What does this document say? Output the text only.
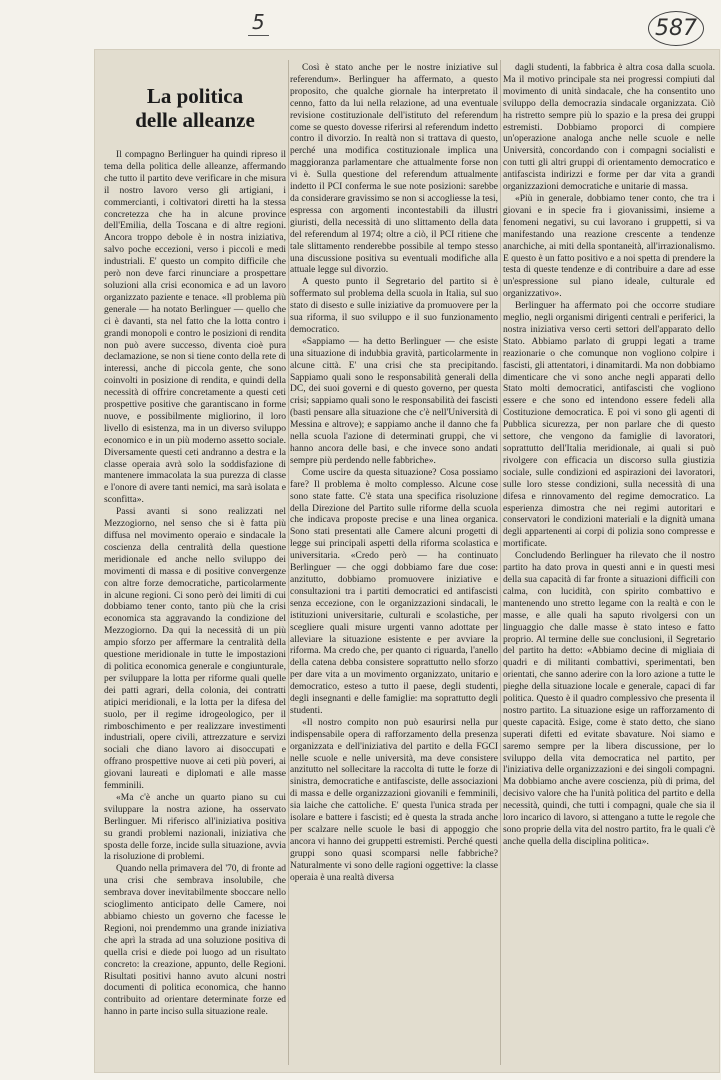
5	587
La politica
delle alleanze

Il compagno Berlinguer ha quindi ripreso il tema della politica delle alleanze, affermando che tutto il partito deve verificare in che misura il nostro lavoro verso gli artigiani, i commercianti, i coltivatori diretti ha la stessa concretezza che ha in alcune province dell'Emilia, della Toscana e di altre regioni. Ancora troppo debole è in nostra iniziativa, salvo poche eccezioni, verso i piccoli e medi industriali. E' questo un compito difficile che però non deve farci rinunciare a prospettare soluzioni alla crisi economica e ad un lavoro organizzato paziente e tenace. «Il problema più generale — ha notato Berlinguer — quello che ci è davanti, sta nel fatto che la lotta contro i grandi monopoli e contro le posizioni di rendita non può avere successo, diventa cioè pura declamazione, se non si tiene conto della rete di interessi, anche di piccola gente, che sono coinvolti in posizione di rendita, e quindi della necessità di offrire concretamente a questi ceti prospettive positive che garantiscano in forme nuove, e possibilmente migliorino, il loro livello di esistenza, ma in un diverso sviluppo economico e in un più moderno assetto sociale. Diversamente questi ceti andranno a destra e la classe operaia avrà solo la soddisfazione di mantenere immacolata la sua purezza di classe e l'onore di avere tanti nemici, ma sarà isolata e sconfitta».

Passi avanti si sono realizzati nel Mezzogiorno, nel senso che si è fatta più diffusa nel movimento operaio e sindacale la coscienza della centralità della questione meridionale ed anche nello sviluppo dei movimenti di massa e di positive convergenze con altre forze democratiche, particolarmente in alcune regioni. Ci sono però dei limiti di cui dobbiamo tener conto, tanto più che la crisi economica sta aggravando la condizione del Mezzogiorno. Da qui la necessità di un più ampio sforzo per affermare la centralità della questione meridionale in tutte le impostazioni di politica economica generale e congiunturale, per sviluppare la lotta per riforme quali quelle dei patti agrari, della colonia, dei contratti atipici meridionali, e la lotta per la difesa del suolo, per il regime idrogeologico, per il rimboschimento e per realizzare investimenti industriali, opere civili, attrezzature e servizi sociali che diano lavoro ai disoccupati e offrano prospettive nuove ai ceti più poveri, ai giovani laureati e diplomati e alle masse femminili.

«Ma c'è anche un quarto piano su cui sviluppare la nostra azione, ha osservato Berlinguer. Mi riferisco all'iniziativa positiva su grandi problemi nazionali, iniziativa che sposta delle forze, incide sulla situazione, avvia la risoluzione di problemi.

Quando nella primavera del '70, di fronte ad una crisi che sembrava insolubile, che sembrava dover inevitabilmente sboccare nello scioglimento anticipato delle Camere, noi abbiamo chiesto un governo che facesse le Regioni, noi prendemmo una grande iniziativa che aprì la strada ad una soluzione positiva di quella crisi e diede poi luogo ad un risultato concreto: la creazione, appunto, delle Regioni. Risultati positivi hanno avuto alcuni nostri documenti di politica economica, che hanno contribuito ad orientare determinate forze ed hanno in parte inciso sulla situazione reale.

Così è stato anche per le nostre iniziative sul referendum». Berlinguer ha affermato, a questo proposito, che qualche giornale ha interpretato il cenno, fatto da lui nella relazione, ad una eventuale revisione costituzionale dell'istituto del referendum come se questo dovesse riferirsi al referendum indetto contro il divorzio. In realtà non si trattava di questo, perché una modifica costituzionale implica una maggioranza parlamentare che attualmente forse non vi è. Sulla questione del referendum attualmente indetto il PCI conferma le sue note posizioni: sarebbe da considerare gravissimo se non si accogliesse la tesi, espressa con argomenti incontestabili da illustri giuristi, della necessità di uno slittamento della data del referendum al 1974; oltre a ciò, il PCI ritiene che tale slittamento renderebbe possibile al tempo stesso una discussione positiva su eventuali modifiche alla attuale legge sul divorzio.

A questo punto il Segretario del partito si è soffermato sul problema della scuola in Italia, sul suo stato di disesto e sulle iniziative da promuovere per la sua riforma, il suo sviluppo e il suo funzionamento democratico.

«Sappiamo — ha detto Berlinguer — che esiste una situazione di indubbia gravità, particolarmente in alcune città. E' una crisi che sta precipitando. Sappiamo quali sono le responsabilità generali della DC, dei suoi governi e di questo governo, per questa crisi; sappiamo quali sono le responsabilità dei fascisti (basti pensare alla situazione che c'è nell'Università di Messina e altrove); e sappiamo anche il danno che fa nella scuola l'azione di determinati gruppi, che vi hanno ancora delle basi, e che invece sono andati sempre più perdendo nelle fabbriche».

Come uscire da questa situazione? Cosa possiamo fare? Il problema è molto complesso. Alcune cose sono state fatte. C'è stata una specifica risoluzione della Direzione del Partito sulle riforme della scuola che indicava proposte precise e una linea organica. Sono stati presentati alle Camere alcuni progetti di legge sui principali aspetti della riforma scolastica e universitaria. «Credo però — ha continuato Berlinguer — che oggi dobbiamo fare due cose: anzitutto, dobbiamo promuovere iniziative e consultazioni tra i partiti democratici ed antifascisti senza eccezione, con le organizzazioni sindacali, le istituzioni universitarie, culturali e scolastiche, per scegliere quali misure urgenti vanno adottate per alleviare la situazione esistente e per avviare la riforma. Ma credo che, per quanto ci riguarda, l'anello della catena debba consistere soprattutto nello sforzo per dare vita a un movimento organizzato, unitario e democratico, esteso a tutto il paese, degli studenti, degli insegnanti e delle famiglie: ma soprattutto degli studenti.

«Il nostro compito non può esaurirsi nella pur indispensabile opera di rafforzamento della presenza organizzata e dell'iniziativa del partito e della FGCI nelle scuole e nelle università, ma deve consistere anzitutto nel sollecitare la raccolta di tutte le forze di sinistra, democratiche e antifasciste, delle associazioni di massa e delle organizzazioni giovanili e femminili, sia laiche che cattoliche. E' questa l'unica strada per isolare e battere i fascisti; ed è questa la strada anche per scalzare nelle scuole le basi di appoggio che ancora vi hanno dei gruppetti estremisti. Perché questi gruppi sono quasi scomparsi nelle fabbriche? Naturalmente vi sono delle ragioni oggettive: la classe operaia è una realtà diversa

dagli studenti, la fabbrica è altra cosa dalla scuola. Ma il motivo principale sta nei progressi compiuti dal movimento di unità sindacale, che ha consentito uno sviluppo della democrazia sindacale organizzata. Ciò ha ristretto sempre più lo spazio e la presa dei gruppi estremisti. Dobbiamo proporci di compiere un'operazione analoga anche nelle scuole e nelle Università, concordando con i compagni socialisti e con tutti gli altri gruppi di orientamento democratico e antifascista indirizzi e forme per dar vita a grandi organizzazioni democratiche e unitarie di massa.

«Più in generale, dobbiamo tener conto, che tra i giovani e in specie fra i giovanissimi, insieme a fenomeni negativi, su cui lavorano i gruppetti, si va manifestando una reazione crescente a tendenze anarchiche, ai miti della spontaneità, all'irrazionalismo. E questo è un fatto positivo e a noi spetta di prendere la testa di queste tendenze e di contribuire a dare ad esse un'espressione sul piano ideale, culturale ed organizzativo».

Berlinguer ha affermato poi che occorre studiare meglio, negli organismi dirigenti centrali e periferici, la nostra iniziativa verso certi settori dell'apparato dello Stato. Abbiamo parlato di gruppi legati a trame reazionarie o che comunque non vogliono colpire i fascisti, gli attentatori, i dinamitardi. Ma non dobbiamo dimenticare che vi sono anche negli apparati dello Stato molti democratici, antifascisti che vogliono essere e che sono ed intendono essere fedeli alla Costituzione democratica. E poi vi sono gli agenti di Pubblica sicurezza, per non parlare che di questo settore, che vengono da famiglie di lavoratori, soprattutto dell'Italia meridionale, ai quali si può rivolgere con efficacia un discorso sulla giustizia sociale, sulle condizioni ed aspirazioni dei lavoratori, sulle loro stesse condizioni, sulla necessità di una difesa e rinnovamento del regime democratico. La esperienza dimostra che nei regimi autoritari e conservatori le condizioni materiali e la dignità umana degli appartenenti ai corpi di polizia sono compresse e mortificate.

Concludendo Berlinguer ha rilevato che il nostro partito ha dato prova in questi anni e in questi mesi della sua capacità di far fronte a situazioni difficili con calma, con lucidità, con spirito combattivo e mantenendo uno stretto legame con la realtà e con le masse, e alle quali ha saputo rivolgersi con un linguaggio che dalle masse è stato inteso e fatto proprio. Al termine delle sue conclusioni, il Segretario del partito ha detto: «Abbiamo decine di migliaia di quadri e di militanti combattivi, sperimentati, ben orientati, che sanno aderire con la loro azione a tutte le pieghe della situazione locale e generale, capaci di far politica. Questo è il quadro complessivo che presenta il nostro partito. La situazione esige un rafforzamento di queste capacità. Esige, come è stato detto, che siano superati difetti ed evitate sbavature. Noi siamo e saremo sempre per la libera discussione, per lo sviluppo della vita democratica nel partito, per l'iniziativa delle organizzazioni e dei singoli compagni. Ma dobbiamo anche avere coscienza, più di prima, del decisivo valore che ha l'unità politica del partito e della necessità, quindi, che tutti i compagni, quale che sia il loro incarico di lavoro, si attengano a tutte le regole che sono proprie della vita del nostro partito, fra le quali c'è anche quella della disciplina politica».
